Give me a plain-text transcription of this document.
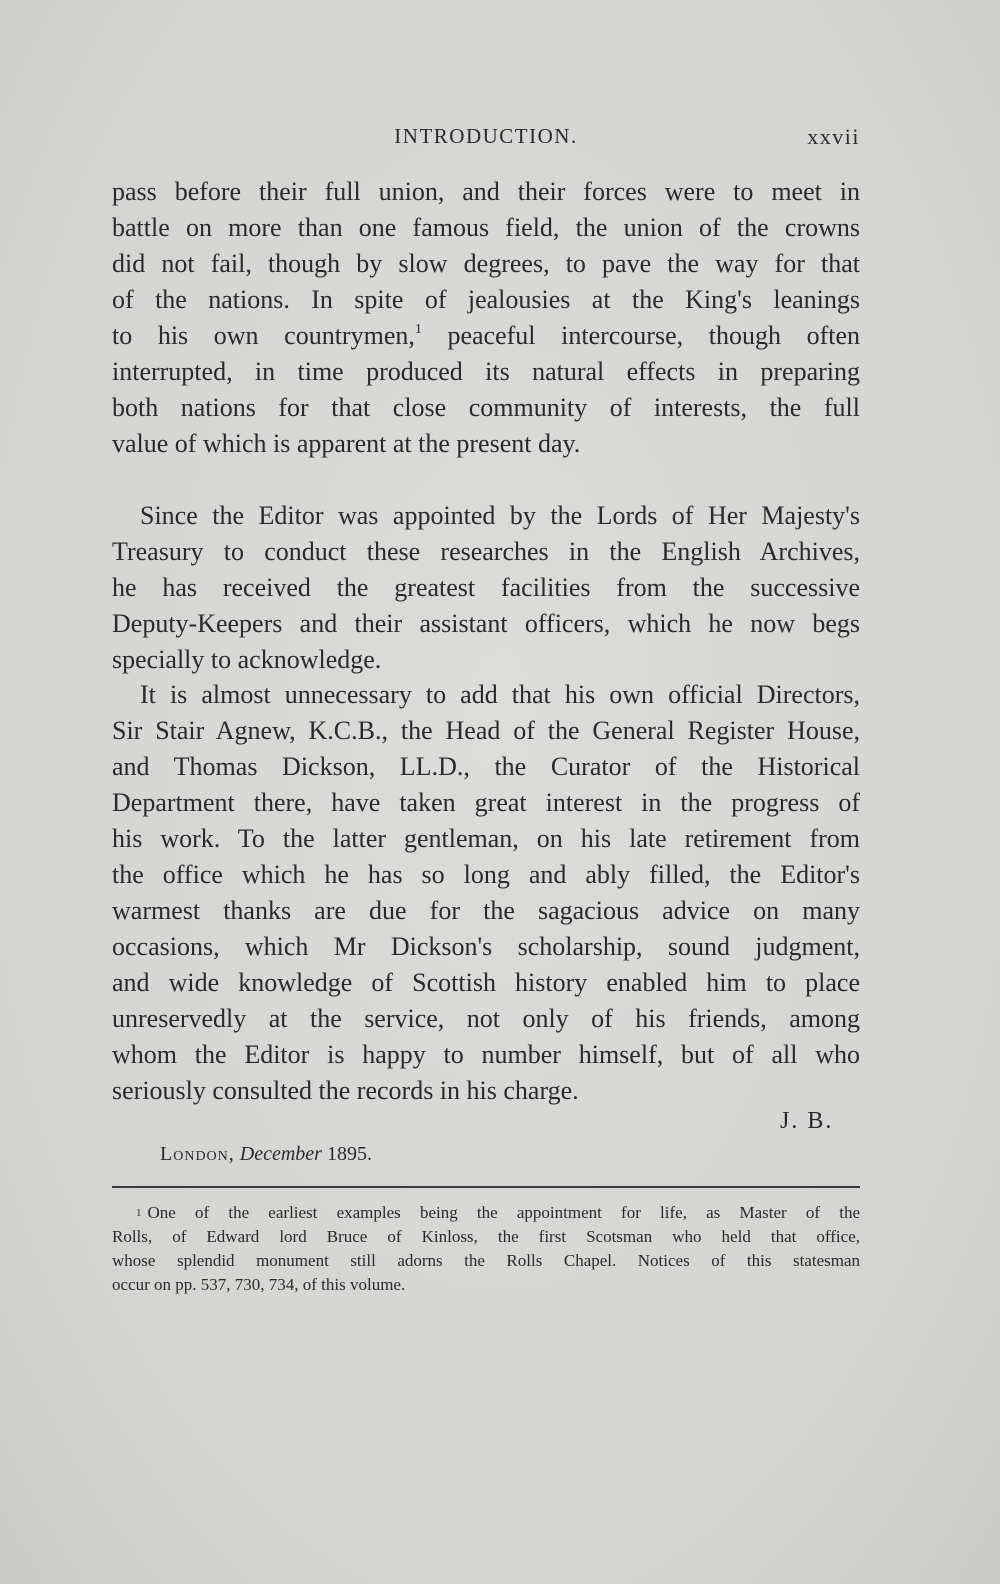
INTRODUCTION.	xxvii
pass before their full union, and their forces were to meet in
battle on more than one famous field, the union of the crowns
did not fail, though by slow degrees, to pave the way for that
of the nations. In spite of jealousies at the King's leanings
to his own countrymen,$^1$ peaceful intercourse, though often
interrupted, in time produced its natural effects in preparing
both nations for that close community of interests, the full
value of which is apparent at the present day.
Since the Editor was appointed by the Lords of Her Majesty's
Treasury to conduct these researches in the English Archives,
he has received the greatest facilities from the successive
Deputy-Keepers and their assistant officers, which he now begs
specially to acknowledge.
It is almost unnecessary to add that his own official Directors,
Sir Stair Agnew, K.C.B., the Head of the General Register House,
and Thomas Dickson, LL.D., the Curator of the Historical
Department there, have taken great interest in the progress of
his work. To the latter gentleman, on his late retirement from
the office which he has so long and ably filled, the Editor's
warmest thanks are due for the sagacious advice on many
occasions, which Mr Dickson's scholarship, sound judgment,
and wide knowledge of Scottish history enabled him to place
unreservedly at the service, not only of his friends, among
whom the Editor is happy to number himself, but of all who
seriously consulted the records in his charge.
J. B.
London, December 1895.
$^1$ One of the earliest examples being the appointment for life, as Master of the
Rolls, of Edward lord Bruce of Kinloss, the first Scotsman who held that office,
whose splendid monument still adorns the Rolls Chapel. Notices of this statesman
occur on pp. 537, 730, 734, of this volume.
